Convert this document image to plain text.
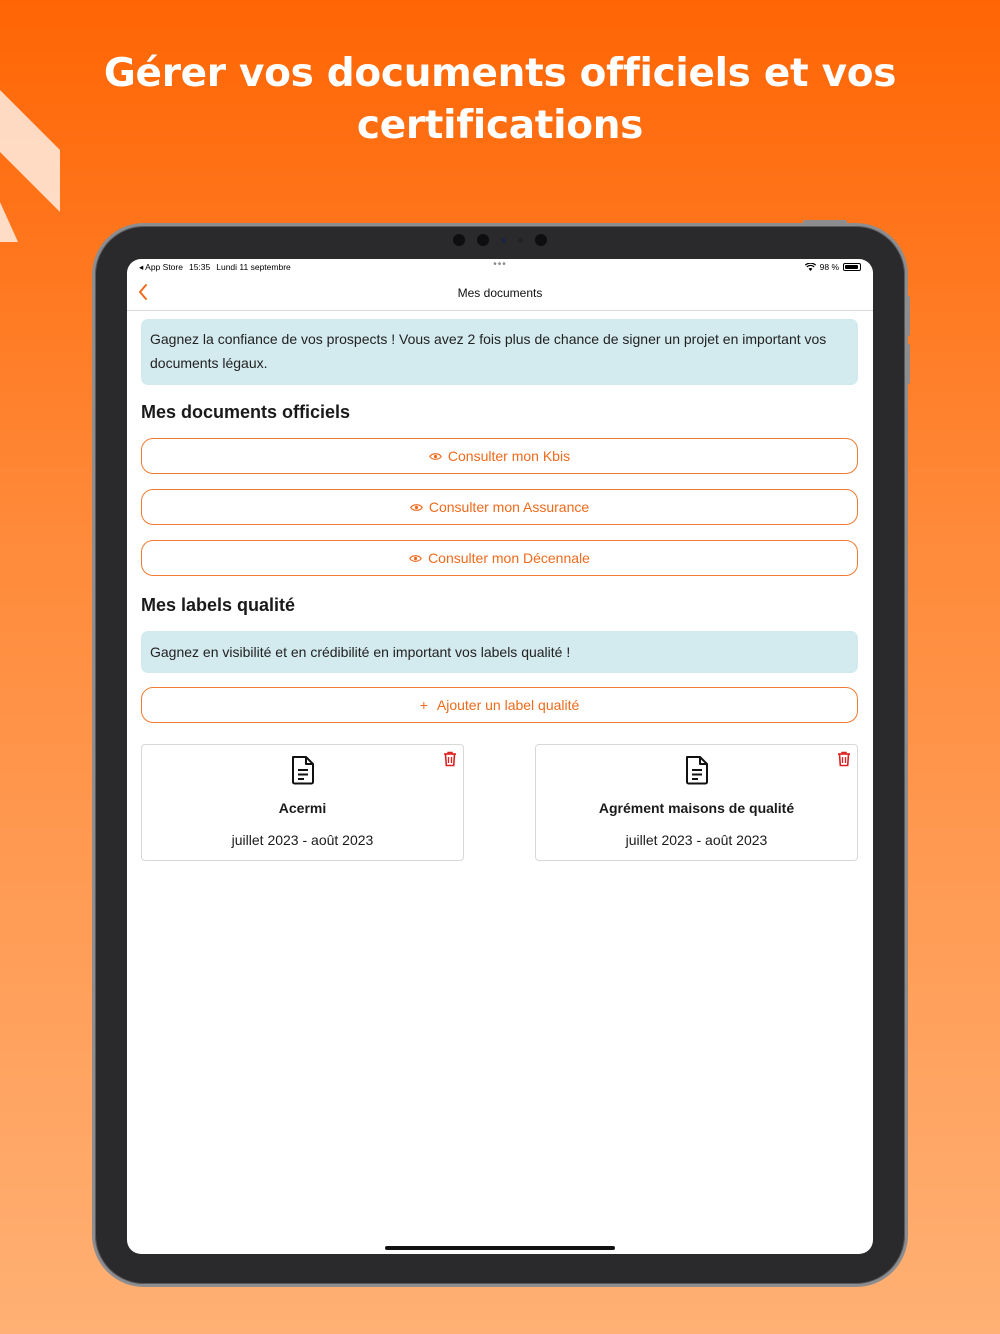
Gérer vos documents officiels et vos
certifications
◂ App Store 15:35 Lundi 11 septembre	•••	98 %
Mes documents
Gagnez la confiance de vos prospects ! Vous avez 2 fois plus de chance de signer un projet en important vos documents légaux.
Mes documents officiels
Consulter mon Kbis
Consulter mon Assurance
Consulter mon Décennale
Mes labels qualité
Gagnez en visibilité et en crédibilité en important vos labels qualité !
+ Ajouter un label qualité
Acermi
juillet 2023 - août 2023
Agrément maisons de qualité
juillet 2023 - août 2023
